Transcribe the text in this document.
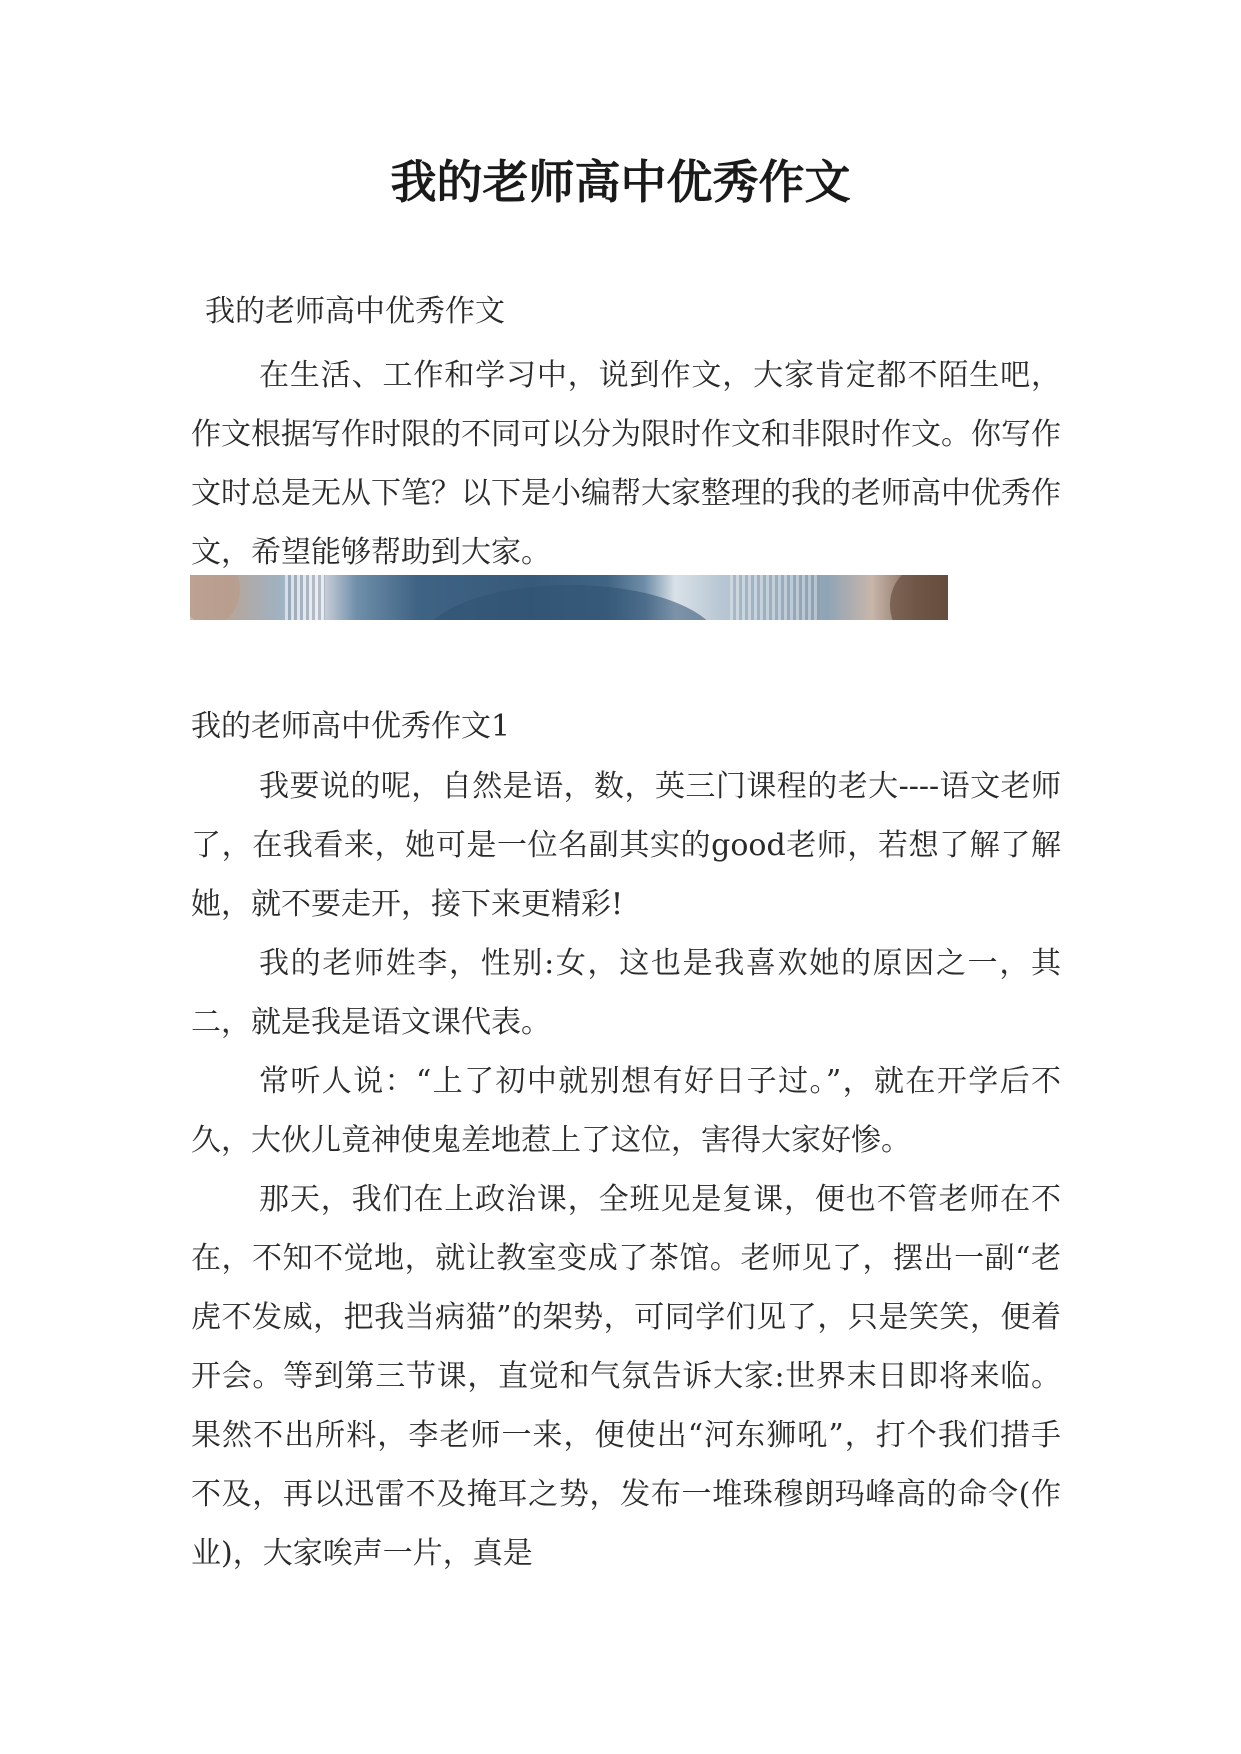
我的老师高中优秀作文
我的老师高中优秀作文

在生活、工作和学习中，说到作文，大家肯定都不陌生吧，作文根据写作时限的不同可以分为限时作文和非限时作文。你写作文时总是无从下笔？以下是小编帮大家整理的我的老师高中优秀作文，希望能够帮助到大家。

我的老师高中优秀作文1

我要说的呢，自然是语，数，英三门课程的老大----语文老师了，在我看来，她可是一位名副其实的good老师，若想了解了解她，就不要走开，接下来更精彩!

我的老师姓李，性别:女，这也是我喜欢她的原因之一，其二，就是我是语文课代表。

常听人说：“上了初中就别想有好日子过。”，就在开学后不久，大伙儿竟神使鬼差地惹上了这位，害得大家好惨。

那天，我们在上政治课，全班见是复课，便也不管老师在不在，不知不觉地，就让教室变成了茶馆。老师见了，摆出一副“老虎不发威，把我当病猫”的架势，可同学们见了，只是笑笑，便着开会。等到第三节课，直觉和气氛告诉大家:世界末日即将来临。果然不出所料，李老师一来，便使出“河东狮吼”，打个我们措手不及，再以迅雷不及掩耳之势，发布一堆珠穆朗玛峰高的命令(作业)，大家唉声一片，真是
